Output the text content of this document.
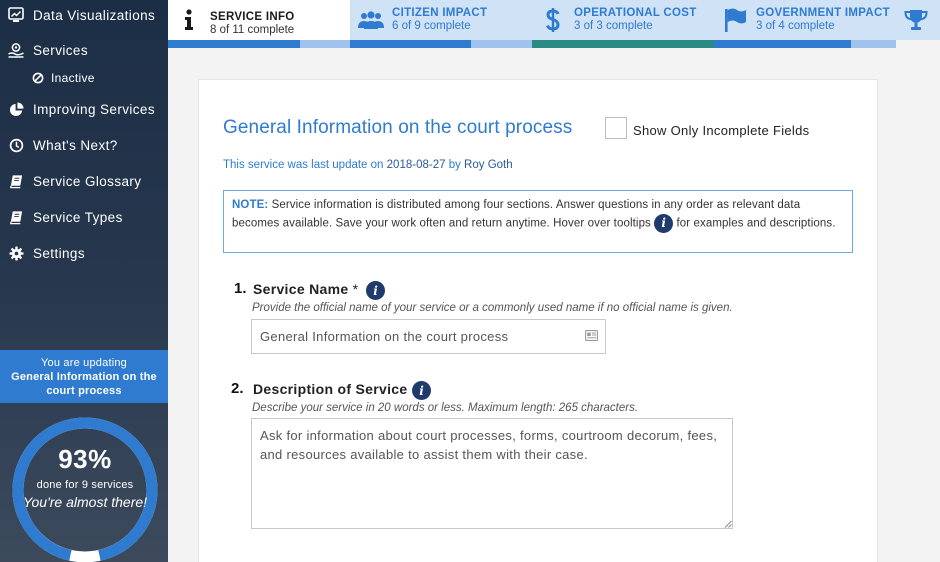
Data Visualizations
Services
Inactive
Improving Services
What's Next?
Service Glossary
Service Types
Settings
You are updating
General Information on the court process
93%
done for 9 services
You're almost there!
SERVICE INFO
8 of 11 complete
CITIZEN IMPACT
6 of 9 complete
OPERATIONAL COST
3 of 3 complete
GOVERNMENT IMPACT
3 of 4 complete
General Information on the court process	Show Only Incomplete Fields
This service was last update on 2018-08-27 by Roy Goth
NOTE: Service information is distributed among four sections. Answer questions in any order as relevant data becomes available. Save your work often and return anytime. Hover over tooltips i for examples and descriptions.
1. Service Name *	i
Provide the official name of your service or a commonly used name if no official name is given.
General Information on the court process
2. Description of Service i
Describe your service in 20 words or less. Maximum length: 265 characters.
Ask for information about court processes, forms, courtroom decorum, fees, and resources available to assist them with their case.
